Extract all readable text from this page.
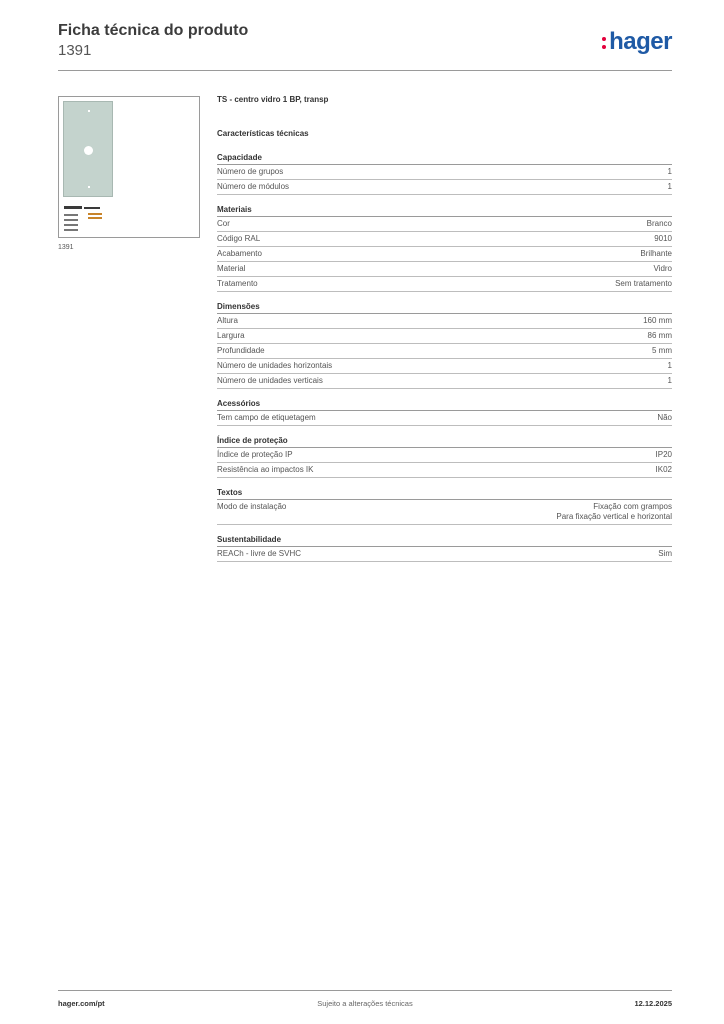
Ficha técnica do produto
1391	hager
1391
TS - centro vidro 1 BP, transp
Características técnicas
Capacidade
Número de grupos	1
Número de módulos	1
Materiais
Cor	Branco
Código RAL	9010
Acabamento	Brilhante
Material	Vidro
Tratamento	Sem tratamento
Dimensões
Altura	160 mm
Largura	86 mm
Profundidade	5 mm
Número de unidades horizontais	1
Número de unidades verticais	1
Acessórios
Tem campo de etiquetagem	Não
Índice de proteção
Índice de proteção IP	IP20
Resistência ao impactos IK	IK02
Textos
Modo de instalação	Fixação com grampos
Para fixação vertical e horizontal
Sustentabilidade
REACh - livre de SVHC	Sim
hager.com/pt	Sujeito a alterações técnicas	12.12.2025
